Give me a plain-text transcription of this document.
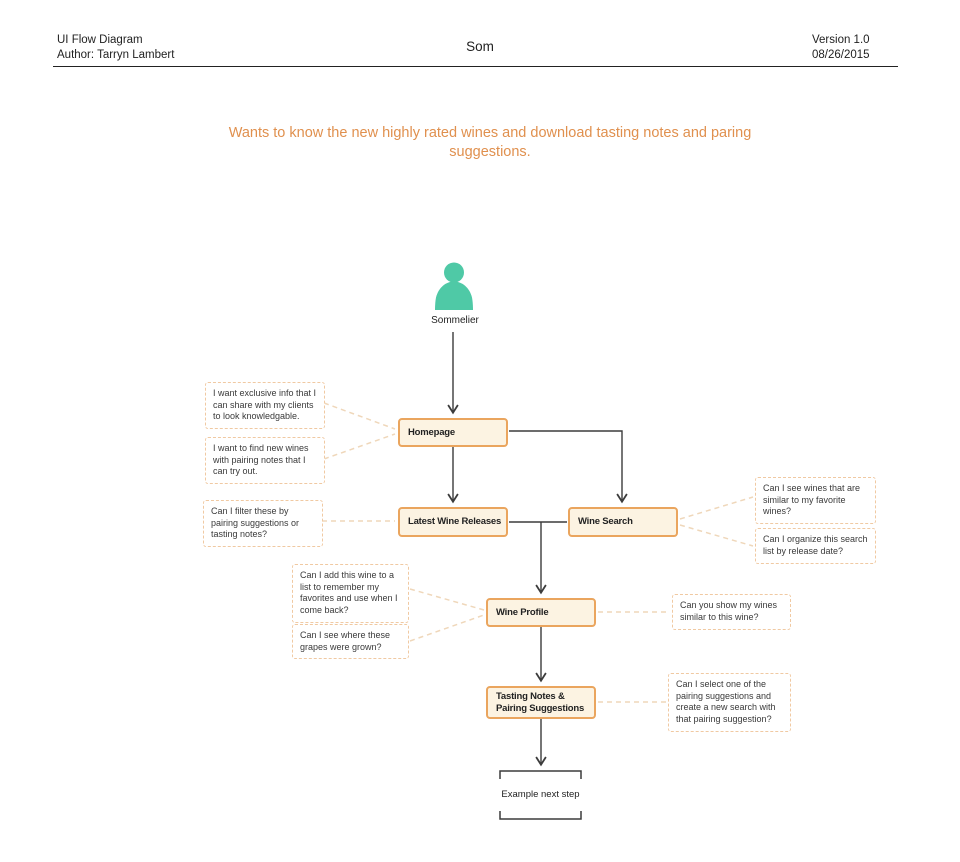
UI Flow Diagram
Author: Tarryn Lambert
Som	Version 1.0
08/26/2015
Wants to know the new highly rated wines and download tasting notes and paring suggestions.
Sommelier
Homepage
Latest Wine Releases	Wine Search
Wine Profile
Tasting Notes &
Pairing Suggestions
Example next step
I want exclusive info that I can share with my clients to look knowledgable.
I want to find new wines with pairing notes that I can try out.
Can I filter these by pairing suggestions or tasting notes?
Can I see wines that are similar to my favorite wines?
Can I organize this search list by release date?
Can I add this wine to a list to remember my favorites and use when I come back?
Can I see where these grapes were grown?
Can you show my wines similar to this wine?
Can I select one of the pairing suggestions and create a new search with that pairing suggestion?
